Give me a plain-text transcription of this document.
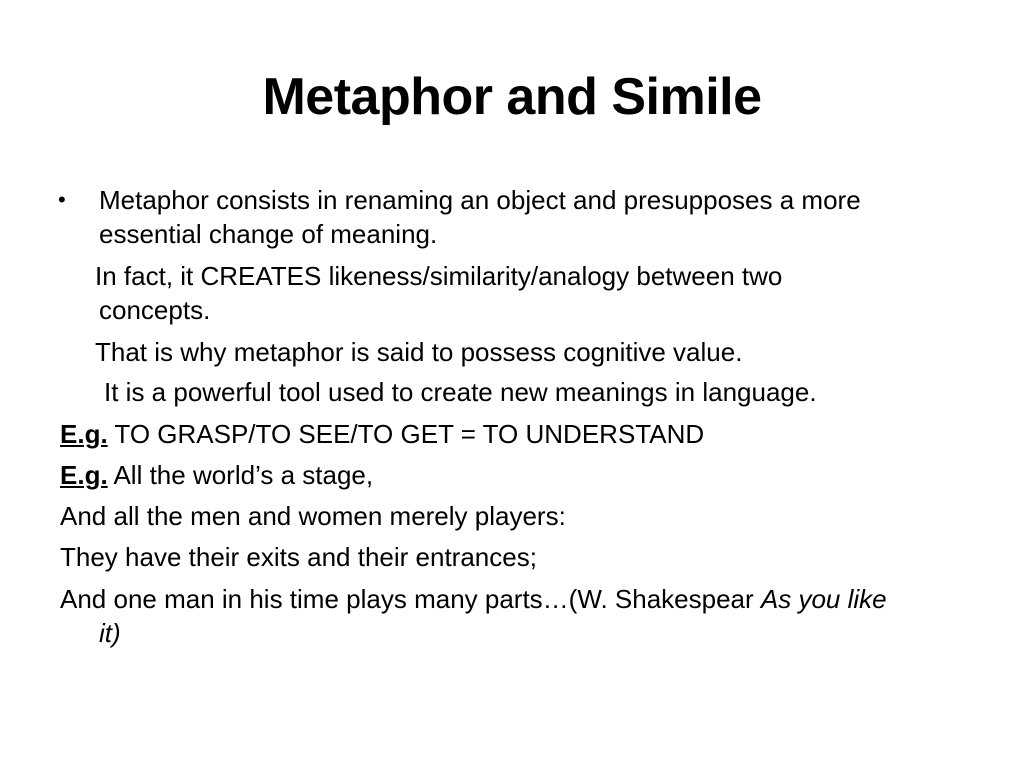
Metaphor and Simile
• Metaphor consists in renaming an object and presupposes a more
essential change of meaning.
In fact, it CREATES likeness/similarity/analogy between two
concepts.
That is why metaphor is said to possess cognitive value.
It is a powerful tool used to create new meanings in language.
E.g. TO GRASP/TO SEE/TO GET = TO UNDERSTAND
E.g. All the world’s a stage,
And all the men and women merely players:
They have their exits and their entrances;
And one man in his time plays many parts…(W. Shakespear As you like
it)
